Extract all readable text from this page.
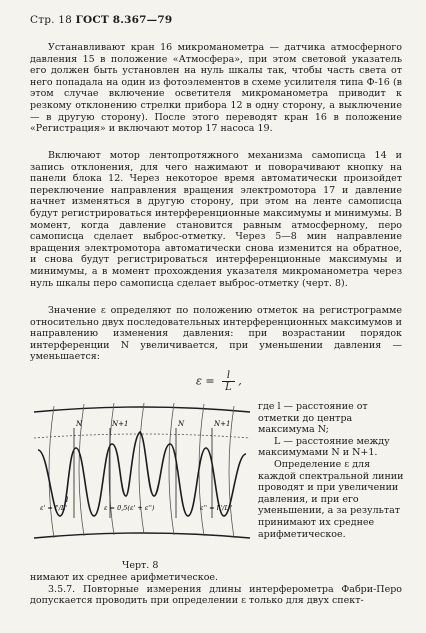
Стр. 18 ГОСТ 8.367—79

Устанавливают кран 16 микроманометра — датчика атмосферного давления 15 в положение «Атмосфера», при этом световой указатель его должен быть установлен на нуль шкалы так, чтобы часть света от него попадала на один из фотоэлементов в схеме усилителя типа Ф-16 (в этом случае включение осветителя микроманометра приводит к резкому отклонению стрелки прибора 12 в одну сторону, а выключение — в другую сторону). После этого переводят кран 16 в положение «Регистрация» и включают мотор 17 насоса 19.

Включают мотор лентопротяжного механизма самописца 14 и запись отклонения, для чего нажимают и поворачивают кнопку на панели блока 12. Через некоторое время автоматически произойдет переключение направления вращения электромотора 17 и давление начнет изменяться в другую сторону, при этом на ленте самописца будут регистрироваться интерференционные максимумы и минимумы. В момент, когда давление становится равным атмосферному, перо самописца сделает выброс-отметку. Через 5—8 мин направление вращения электромотора автоматически снова изменится на обратное, и снова будут регистрироваться интерференционные максимумы и минимумы, а в момент прохождения указателя микроманометра через нуль шкалы перо самописца сделает выброс-отметку (черт. 8).

Значение ε определяют по положению отметок на регистрограмме относительно двух последовательных интерференционных максимумов и направлению изменения давления: при возрастании порядок интерференции N увеличивается, при уменьшении давления — уменьшается:

$\varepsilon = \frac{l}{L}$ ,
N	N+1	N	N+1
l
ε' = l'/L'	ε = 0,5(ε' + ε'')	ε'' = l''/L''
Черт. 8

где l — расстояние от отметки до центра максимума N;

L — расстояние между максимумами N и N+1.

Определение ε для каждой спектральной линии проводят и при увеличении давления, и при его уменьшении, а за результат принимают их среднее арифметическое.

нимают их среднее арифметическое.

3.5.7. Повторные измерения длины интерферометра Фабри-Перо допускается проводить при определении ε только для двух спект-
